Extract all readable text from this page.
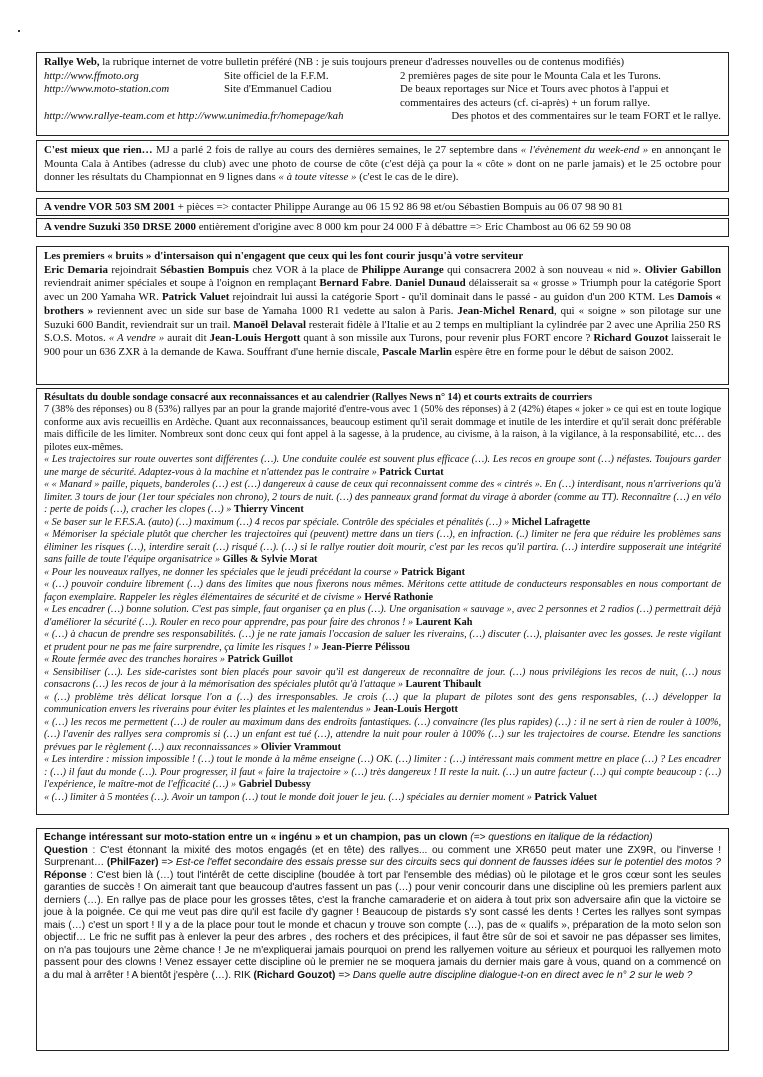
Rallye Web, la rubrique internet de votre bulletin préféré (NB : je suis toujours preneur d'adresses nouvelles ou de contenus modifiés)

http://www.ffmoto.org	Site officiel de la F.F.M.	2 premières pages de site pour le Mounta Cala et les Turons.
http://www.moto-station.com	Site d'Emmanuel Cadiou	De beaux reportages sur Nice et Tours avec photos à l'appui et commentaires des acteurs (cf. ci-après) + un forum rallye.
http://www.rallye-team.com et http://www.unimedia.fr/homepage/kah	Des photos et des commentaires sur le team FORT et le rallye.

C'est mieux que rien… MJ a parlé 2 fois de rallye au cours des dernières semaines, le 27 septembre dans « l'évènement du week-end » en annonçant le Mounta Cala à Antibes (adresse du club) avec une photo de course de côte (c'est déjà ça pour la « côte » dont on ne parle jamais) et le 25 octobre pour donner les résultats du Championnat en 9 lignes dans « à toute vitesse » (c'est le cas de le dire).

A vendre VOR 503 SM 2001 + pièces => contacter Philippe Aurange au 06 15 92 86 98 et/ou Sébastien Bompuis au 06 07 98 90 81

A vendre Suzuki 350 DRSE 2000 entièrement d'origine avec 8 000 km pour 24 000 F à débattre => Eric Chambost au 06 62 59 90 08

Les premiers « bruits » d'intersaison qui n'engagent que ceux qui les font courir jusqu'à votre serviteur

Eric Demaria rejoindrait Sébastien Bompuis chez VOR à la place de Philippe Aurange qui consacrera 2002 à son nouveau « nid ». Olivier Gabillon reviendrait animer spéciales et soupe à l'oignon en remplaçant Bernard Fabre. Daniel Dunaud délaisserait sa « grosse » Triumph pour la catégorie Sport avec un 200 Yamaha WR. Patrick Valuet rejoindrait lui aussi la catégorie Sport - qu'il dominait dans le passé - au guidon d'un 200 KTM. Les Damois « brothers » reviennent avec un side sur base de Yamaha 1000 R1 vedette au salon à Paris. Jean-Michel Renard, qui « soigne » son pilotage sur une Suzuki 600 Bandit, reviendrait sur un trail. Manoël Delaval resterait fidèle à l'Italie et au 2 temps en multipliant la cylindrée par 2 avec une Aprilia 250 RS S.O.S. Motos. « A vendre » aurait dit Jean-Louis Hergott quant à son missile aux Turons, pour revenir plus FORT encore ? Richard Gouzot laisserait le 900 pour un 636 ZXR à la demande de Kawa. Souffrant d'une hernie discale, Pascale Marlin espère être en forme pour le début de saison 2002.

Résultats du double sondage consacré aux reconnaissances et au calendrier (Rallyes News n° 14) et courts extraits de courriers

7 (38% des réponses) ou 8 (53%) rallyes par an pour la grande majorité d'entre-vous avec 1 (50% des réponses) à 2 (42%) étapes « joker » ce qui est en toute logique conforme aux avis recueillis en Ardèche. Quant aux reconnaissances, beaucoup estiment qu'il serait dommage et inutile de les interdire et qu'il serait donc préférable mais difficile de les limiter. Nombreux sont donc ceux qui font appel à la sagesse, à la prudence, au civisme, à la raison, à la vigilance, à la responsabilité, etc… des pilotes eux-mêmes.

« Les trajectoires sur route ouvertes sont différentes (…). Une conduite coulée est souvent plus efficace (…). Les recos en groupe sont (…) néfastes. Toujours garder une marge de sécurité. Adaptez-vous à la machine et n'attendez pas le contraire » Patrick Curtat

« « Manard » paille, piquets, banderoles (…) est (…) dangereux à cause de ceux qui reconnaissent comme des « cintrés ». En (…) interdisant, nous n'arriverions qu'à limiter. 3 tours de jour (1er tour spéciales non chrono), 2 tours de nuit. (…) des panneaux grand format du virage à aborder (comme au TT). Reconnaître (…) en vélo : perte de poids (…), cracher les clopes (…) » Thierry Vincent

« Se baser sur le F.F.S.A. (auto) (…) maximum (…) 4 recos par spéciale. Contrôle des spéciales et pénalités (…) » Michel Lafragette

« Mémoriser la spéciale plutôt que chercher les trajectoires qui (peuvent) mettre dans un tiers (…), en infraction. (..) limiter ne fera que réduire les problèmes sans éliminer les risques (…), interdire serait (…) risqué (…). (…) si le rallye routier doit mourir, c'est par les recos qu'il partira. (…) interdire supposerait une intégrité sans faille de toute l'équipe organisatrice » Gilles & Sylvie Morat

« Pour les nouveaux rallyes, ne donner les spéciales que le jeudi précédant la course » Patrick Bigant

« (…) pouvoir conduire librement (…) dans des limites que nous fixerons nous mêmes. Méritons cette attitude de conducteurs responsables en nous comportant de façon exemplaire. Rappeler les règles élémentaires de sécurité et de civisme » Hervé Rathonie

« Les encadrer (…) bonne solution. C'est pas simple, faut organiser ça en plus (…). Une organisation « sauvage », avec 2 personnes et 2 radios (…) permettrait déjà d'améliorer la sécurité (…). Rouler en reco pour apprendre, pas pour faire des chronos ! » Laurent Kah

« (…) à chacun de prendre ses responsabilités. (…) je ne rate jamais l'occasion de saluer les riverains, (…) discuter (…), plaisanter avec les gosses. Je reste vigilant et prudent pour ne pas me faire surprendre, ça limite les risques ! » Jean-Pierre Pélissou

« Route fermée avec des tranches horaires » Patrick Guillot

« Sensibiliser (…). Les side-caristes sont bien placés pour savoir qu'il est dangereux de reconnaître de jour. (…) nous privilégions les recos de nuit, (…) nous consacrons (…) les recos de jour à la mémorisation des spéciales plutôt qu'à l'attaque » Laurent Thibault

« (…) problème très délicat lorsque l'on a (…) des irresponsables. Je crois (…) que la plupart de pilotes sont des gens responsables, (…) développer la communication envers les riverains pour éviter les plaintes et les malentendus » Jean-Louis Hergott

« (…) les recos me permettent (…) de rouler au maximum dans des endroits fantastiques. (…) convaincre (les plus rapides) (…) : il ne sert à rien de rouler à 100%, (…) l'avenir des rallyes sera compromis si (…) un enfant est tué (…), attendre la nuit pour rouler à 100% (…) sur les trajectoires de course. Etendre les sanctions prévues par le règlement (…) aux reconnaissances » Olivier Vrammout

« Les interdire : mission impossible ! (…) tout le monde à la même enseigne (…) OK. (…) limiter : (…) intéressant mais comment mettre en place (…) ? Les encadrer : (…) il faut du monde (…). Pour progresser, il faut « faire la trajectoire » (…) très dangereux ! Il reste la nuit. (…) un autre facteur (…) qui compte beaucoup : (…) l'expérience, le maître-mot de l'efficacité (…) » Gabriel Dubessy

« (…) limiter à 5 montées (…). Avoir un tampon (…) tout le monde doit jouer le jeu. (…) spéciales au dernier moment » Patrick Valuet

Echange intéressant sur moto-station entre un « ingénu » et un champion, pas un clown (=> questions en italique de la rédaction)

Question : C'est étonnant la mixité des motos engagés (et en tête) des rallyes... ou comment une XR650 peut mater une ZX9R, ou l'inverse ! Surprenant… (PhilFazer) => Est-ce l'effet secondaire des essais presse sur des circuits secs qui donnent de fausses idées sur le potentiel des motos ?

Réponse : C'est bien là (…) tout l'intérêt de cette discipline (boudée à tort par l'ensemble des médias) où le pilotage et le gros cœur sont les seules garanties de succès ! On aimerait tant que beaucoup d'autres fassent un pas (…) pour venir concourir dans une discipline où les premiers parlent aux derniers (…). En rallye pas de place pour les grosses têtes, c'est la franche camaraderie et on aidera à tout prix son adversaire afin que la victoire se joue à la poignée. Ce qui me veut pas dire qu'il est facile d'y gagner ! Beaucoup de pistards s'y sont cassé les dents ! Certes les rallyes sont sympas mais (…) c'est un sport ! Il y a de la place pour tout le monde et chacun y trouve son compte (…), pas de « qualifs », préparation de la moto selon son objectif… Le fric ne suffit pas à enlever la peur des arbres , des rochers et des précipices, il faut être sûr de soi et savoir ne pas dépasser ses limites, on n'a pas toujours une 2ème chance ! Je ne m'expliquerai jamais pourquoi on prend les rallyemen voiture au sérieux et pourquoi les rallyemen moto passent pour des clowns ! Venez essayer cette discipline où le premier ne se moquera jamais du dernier mais gare à vous, quand on a commencé on a du mal à arrêter ! A bientôt j'espère (…). RIK (Richard Gouzot) => Dans quelle autre discipline dialogue-t-on en direct avec le n° 2 sur le web ?
